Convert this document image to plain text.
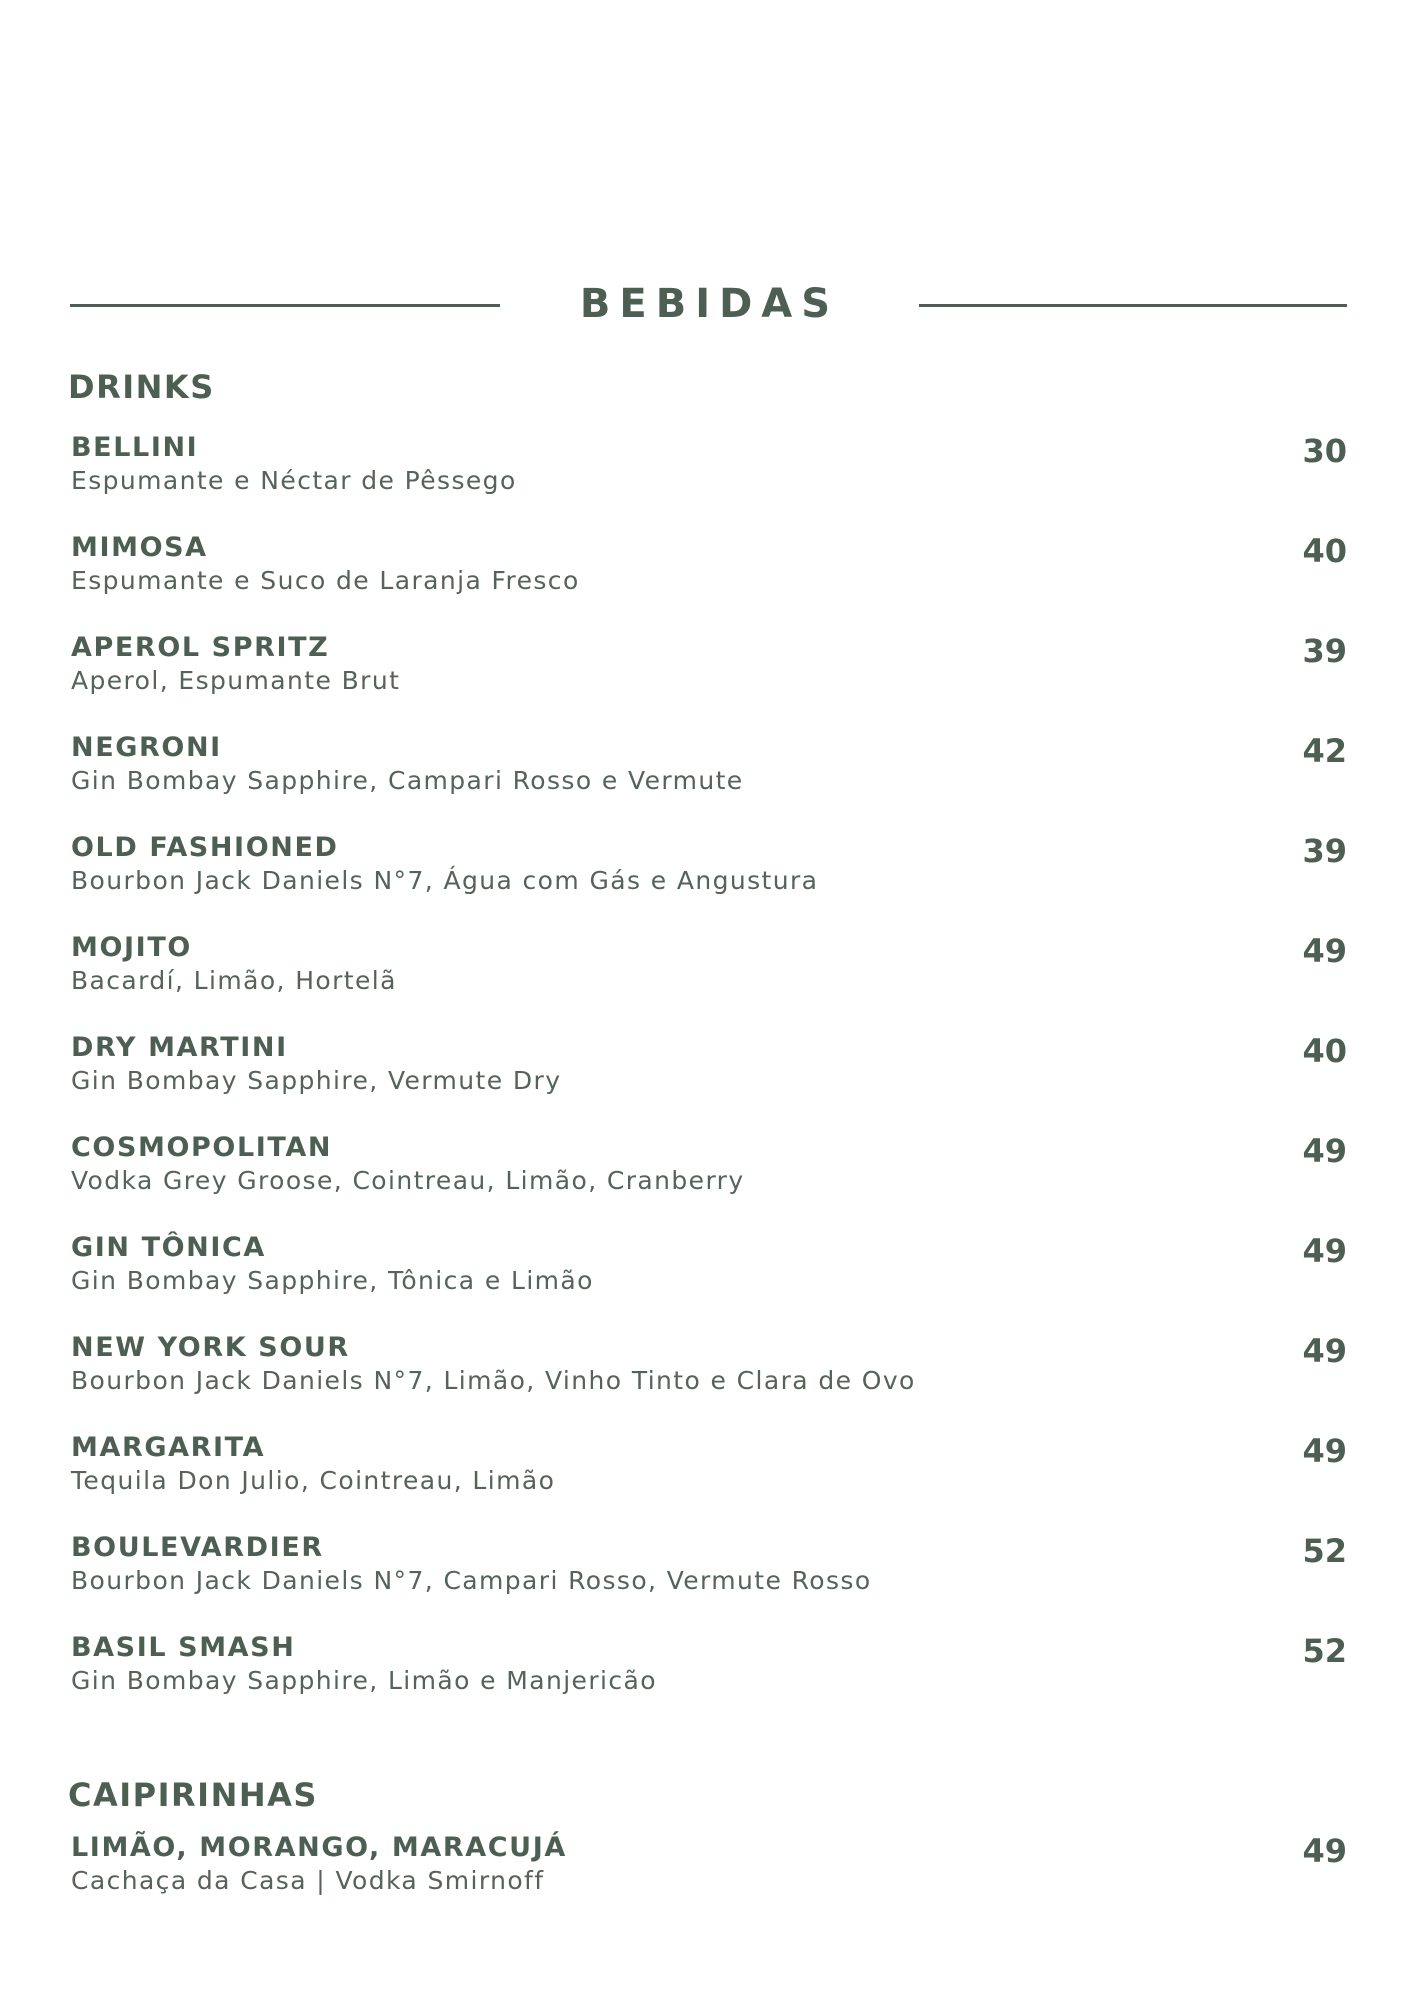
BEBIDAS
DRINKS
BELLINI
Espumante e Néctar de Pêssego
30
MIMOSA
Espumante e Suco de Laranja Fresco
40
APEROL SPRITZ
Aperol, Espumante Brut
39
NEGRONI
Gin Bombay Sapphire, Campari Rosso e Vermute
42
OLD FASHIONED
Bourbon Jack Daniels N°7, Água com Gás e Angustura
39
MOJITO
Bacardí, Limão, Hortelã
49
DRY MARTINI
Gin Bombay Sapphire, Vermute Dry
40
COSMOPOLITAN
Vodka Grey Groose, Cointreau, Limão, Cranberry
49
GIN TÔNICA
Gin Bombay Sapphire, Tônica e Limão
49
NEW YORK SOUR
Bourbon Jack Daniels N°7, Limão, Vinho Tinto e Clara de Ovo
49
MARGARITA
Tequila Don Julio, Cointreau, Limão
49
BOULEVARDIER
Bourbon Jack Daniels N°7, Campari Rosso, Vermute Rosso
52
BASIL SMASH
Gin Bombay Sapphire, Limão e Manjericão
52
CAIPIRINHAS
LIMÃO, MORANGO, MARACUJÁ
Cachaça da Casa | Vodka Smirnoff
49
